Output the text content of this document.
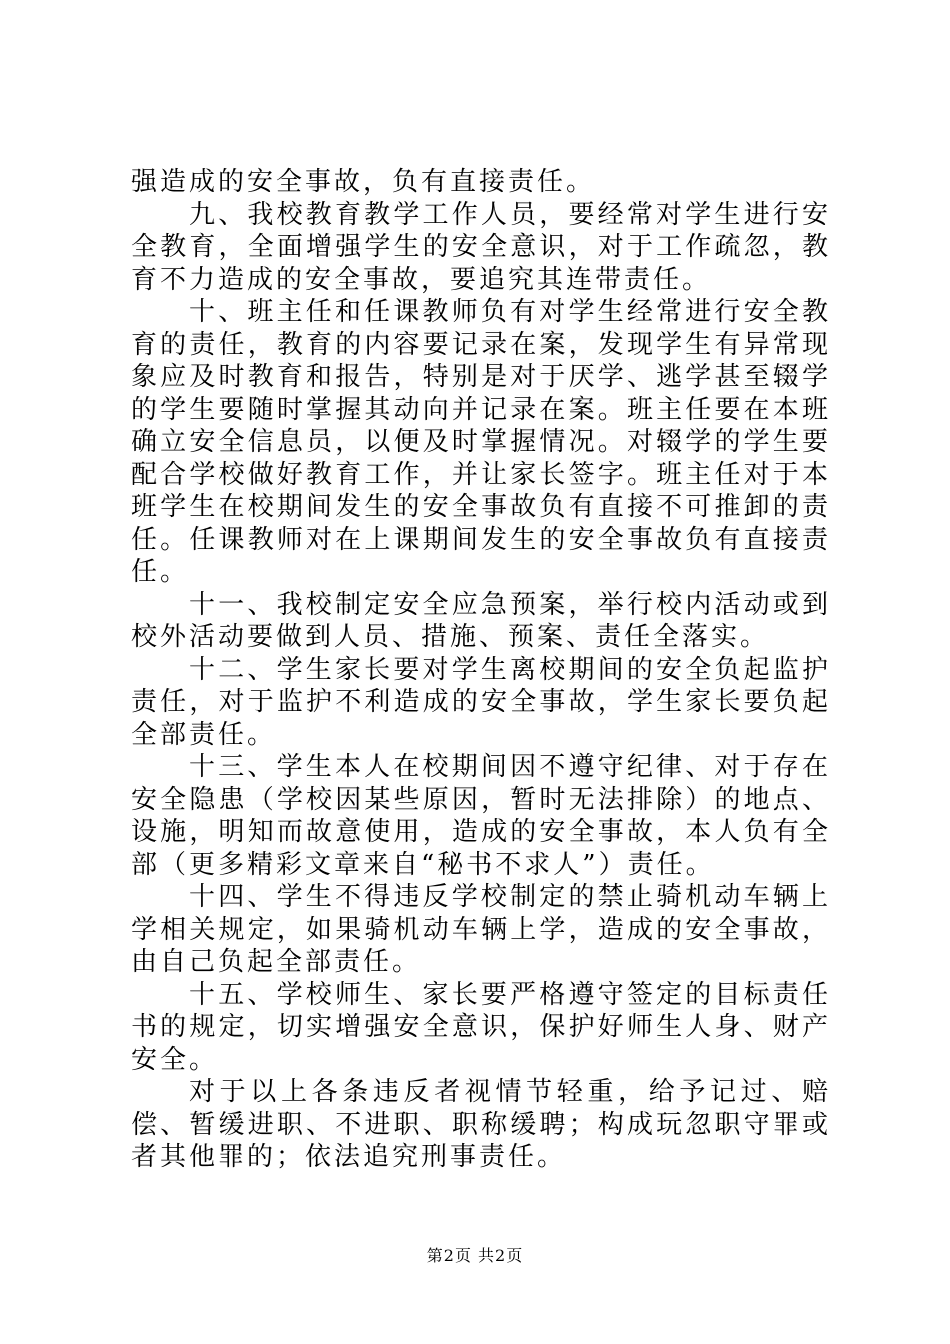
强造成的安全事故，负有直接责任。

九、我校教育教学工作人员，要经常对学生进行安全教育，全面增强学生的安全意识，对于工作疏忽，教育不力造成的安全事故，要追究其连带责任。

十、班主任和任课教师负有对学生经常进行安全教育的责任，教育的内容要记录在案，发现学生有异常现象应及时教育和报告，特别是对于厌学、逃学甚至辍学的学生要随时掌握其动向并记录在案。班主任要在本班确立安全信息员，以便及时掌握情况。对辍学的学生要配合学校做好教育工作，并让家长签字。班主任对于本班学生在校期间发生的安全事故负有直接不可推卸的责任。任课教师对在上课期间发生的安全事故负有直接责任。

十一、我校制定安全应急预案，举行校内活动或到校外活动要做到人员、措施、预案、责任全落实。

十二、学生家长要对学生离校期间的安全负起监护责任，对于监护不利造成的安全事故，学生家长要负起全部责任。

十三、学生本人在校期间因不遵守纪律、对于存在安全隐患（学校因某些原因，暂时无法排除）的地点、设施，明知而故意使用，造成的安全事故，本人负有全部（更多精彩文章来自“秘书不求人”）责任。

十四、学生不得违反学校制定的禁止骑机动车辆上学相关规定，如果骑机动车辆上学，造成的安全事故，由自己负起全部责任。

十五、学校师生、家长要严格遵守签定的目标责任书的规定，切实增强安全意识，保护好师生人身、财产安全。

对于以上各条违反者视情节轻重，给予记过、赔偿、暂缓进职、不进职、职称缓聘；构成玩忽职守罪或者其他罪的；依法追究刑事责任。

第2页 共2页
